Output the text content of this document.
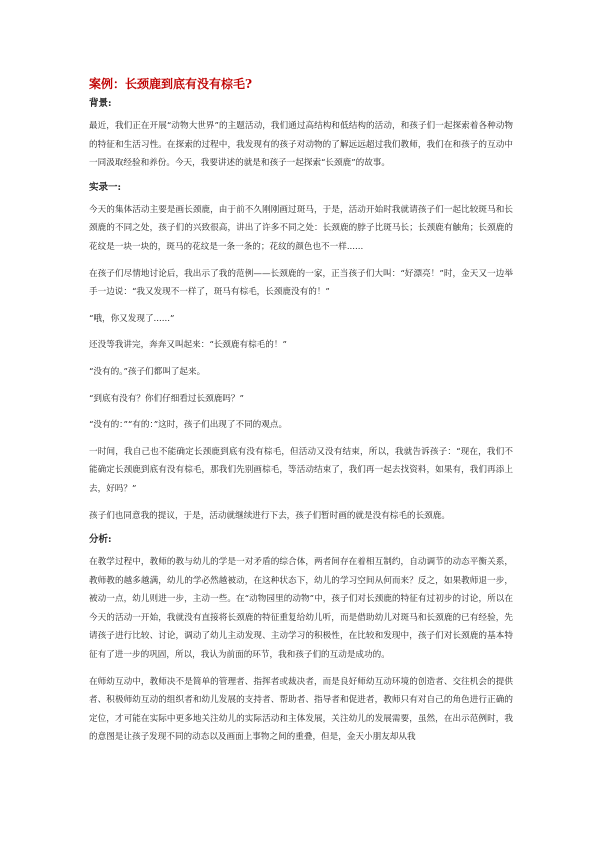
案例：长颈鹿到底有没有棕毛?
背景:

最近，我们正在开展“动物大世界”的主题活动，我们通过高结构和低结构的活动，和孩子们一起探索着各种动物的特征和生活习性。在探索的过程中，我发现有的孩子对动物的了解远远超过我们教师，我们在和孩子的互动中一同汲取经验和养份。今天，我要讲述的就是和孩子一起探索“长颈鹿”的故事。

实录一:

今天的集体活动主要是画长颈鹿，由于前不久刚刚画过斑马，于是，活动开始时我就请孩子们一起比较斑马和长颈鹿的不同之处，孩子们的兴致很高，讲出了许多不同之处：长颈鹿的脖子比斑马长；长颈鹿有触角；长颈鹿的花纹是一块一块的，斑马的花纹是一条一条的；花纹的颜色也不一样......

在孩子们尽情地讨论后，我出示了我的范例——长颈鹿的一家，正当孩子们大叫：“好漂亮！”时，金天又一边举手一边说：“我又发现不一样了，斑马有棕毛，长颈鹿没有的！”

“哦，你又发现了......”

还没等我讲完，奔奔又叫起来：“长颈鹿有棕毛的！”

“没有的。”孩子们都叫了起来。

“到底有没有？你们仔细看过长颈鹿吗？”

“没有的：”“有的：”这时，孩子们出现了不同的观点。

一时间，我自己也不能确定长颈鹿到底有没有棕毛，但活动又没有结束，所以，我就告诉孩子：“现在，我们不能确定长颈鹿到底有没有棕毛，那我们先别画棕毛，等活动结束了，我们再一起去找资料，如果有，我们再添上去，好吗？”

孩子们也同意我的提议，于是，活动就继续进行下去，孩子们暂时画的就是没有棕毛的长颈鹿。

分析:

在教学过程中，教师的教与幼儿的学是一对矛盾的综合体，两者间存在着相互制约，自动调节的动态平衡关系，教师教的越多越满，幼儿的学必然越被动，在这种状态下，幼儿的学习空间从何而来？反之，如果教师退一步，被动一点，幼儿则进一步，主动一些。在“动物园里的动物”中，孩子们对长颈鹿的特征有过初步的讨论，所以在今天的活动一开始，我就没有直接将长颈鹿的特征重复给幼儿听，而是借助幼儿对斑马和长颈鹿的已有经验，先请孩子进行比较、讨论，调动了幼儿主动发现、主动学习的积极性，在比较和发现中，孩子们对长颈鹿的基本特征有了进一步的巩固，所以，我认为前面的环节，我和孩子们的互动是成功的。

在师幼互动中，教师决不是简单的管理者、指挥者或裁决者，而是良好师幼互动环境的创造者、交往机会的提供者、积极师幼互动的组织者和幼儿发展的支持者、帮助者、指导者和促进者，教师只有对自己的角色进行正确的定位，才可能在实际中更多地关注幼儿的实际活动和主体发展，关注幼儿的发展需要，虽然，在出示范例时，我的意图是让孩子发现不同的动态以及画面上事物之间的重叠，但是，金天小朋友却从我
